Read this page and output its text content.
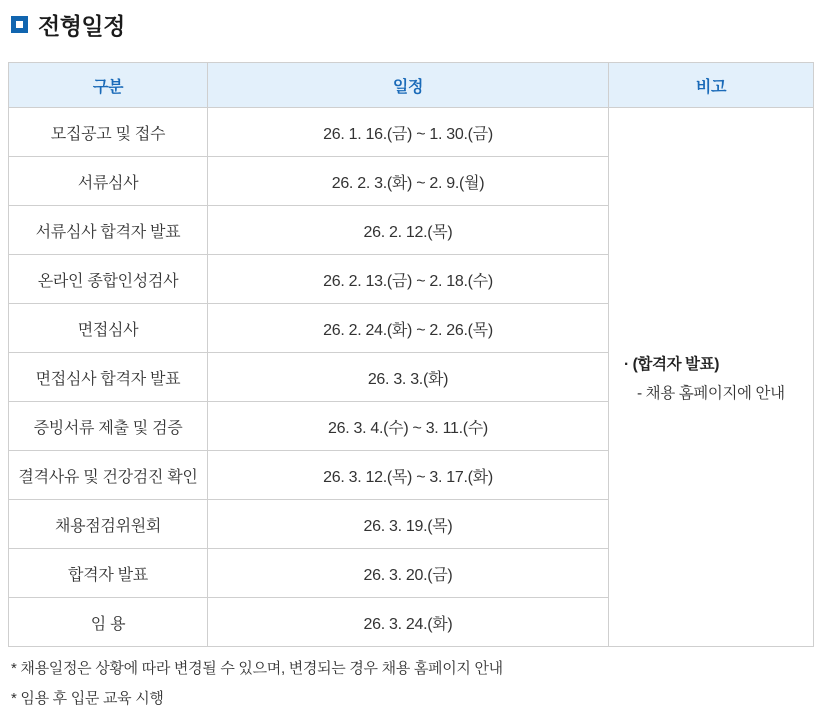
전형일정
구분	일정	비고
모집공고 및 접수	26. 1. 16.(금) ~ 1. 30.(금)	· (합격자 발표)
- 채용 홈페이지에 안내

서류심사	26. 2. 3.(화) ~ 2. 9.(월)	
서류심사 합격자 발표	26. 2. 12.(목)	
온라인 종합인성검사	26. 2. 13.(금) ~ 2. 18.(수)	
면접심사	26. 2. 24.(화) ~ 2. 26.(목)	
면접심사 합격자 발표	26. 3. 3.(화)	
증빙서류 제출 및 검증	26. 3. 4.(수) ~ 3. 11.(수)	
결격사유 및 건강검진 확인	26. 3. 12.(목) ~ 3. 17.(화)	
채용점검위원회	26. 3. 19.(목)	
합격자 발표	26. 3. 20.(금)	
임 용	26. 3. 24.(화)	
* 채용일정은 상황에 따라 변경될 수 있으며, 변경되는 경우 채용 홈페이지 안내
* 임용 후 입문 교육 시행
